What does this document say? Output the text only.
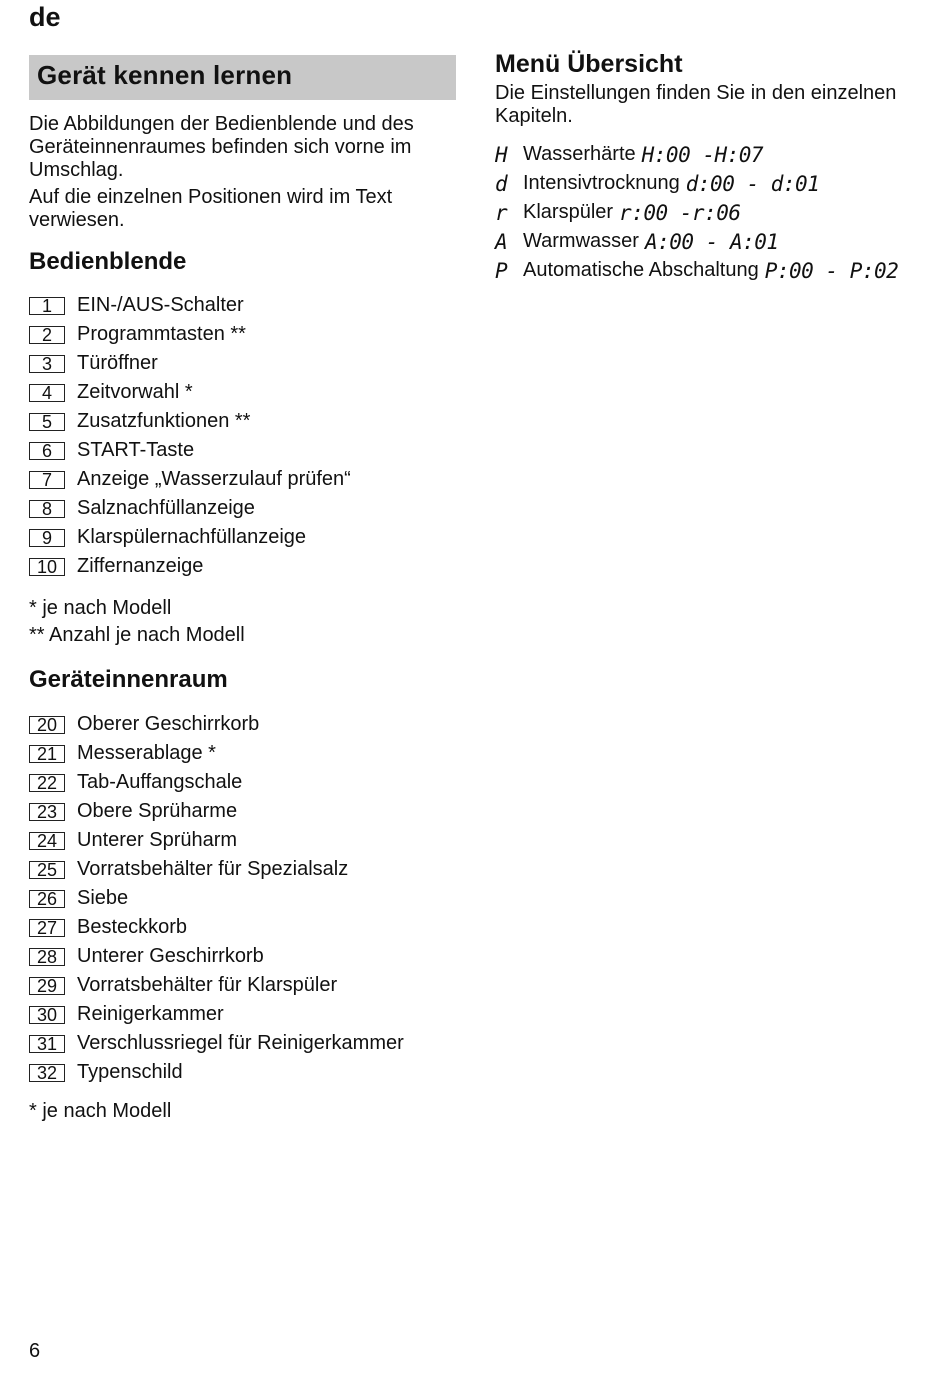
de
Gerät kennen lernen

Die Abbildungen der Bedienblende und des Geräteinnenraumes befinden sich vorne im Umschlag.

Auf die einzelnen Positionen wird im Text verwiesen.

Bedienblende
1	EIN-/AUS-Schalter
2	Programmtasten **
3	Türöffner
4	Zeitvorwahl *
5	Zusatzfunktionen **
6	START-Taste
7	Anzeige „Wasserzulauf prüfen“
8	Salznachfüllanzeige
9	Klarspülernachfüllanzeige
10 Ziffernanzeige

* je nach Modell

** Anzahl je nach Modell

Geräteinnenraum
20 Oberer Geschirrkorb
21 Messerablage *
22 Tab-Auffangschale
23 Obere Sprüharme
24 Unterer Sprüharm
25 Vorratsbehälter für Spezialsalz
26 Siebe
27 Besteckkorb
28 Unterer Geschirrkorb
29 Vorratsbehälter für Klarspüler
30 Reinigerkammer
31 Verschlussriegel für Reinigerkammer
32 Typenschild

* je nach Modell

Menü Übersicht

Die Einstellungen finden Sie in den einzelnen Kapiteln.

H Wasserhärte H:00 -H:07
d Intensivtrocknung d:00 - d:01
r Klarspüler r:00 -r:06
A Warmwasser A:00 - A:01
P Automatische Abschaltung P:00 - P:02
6
